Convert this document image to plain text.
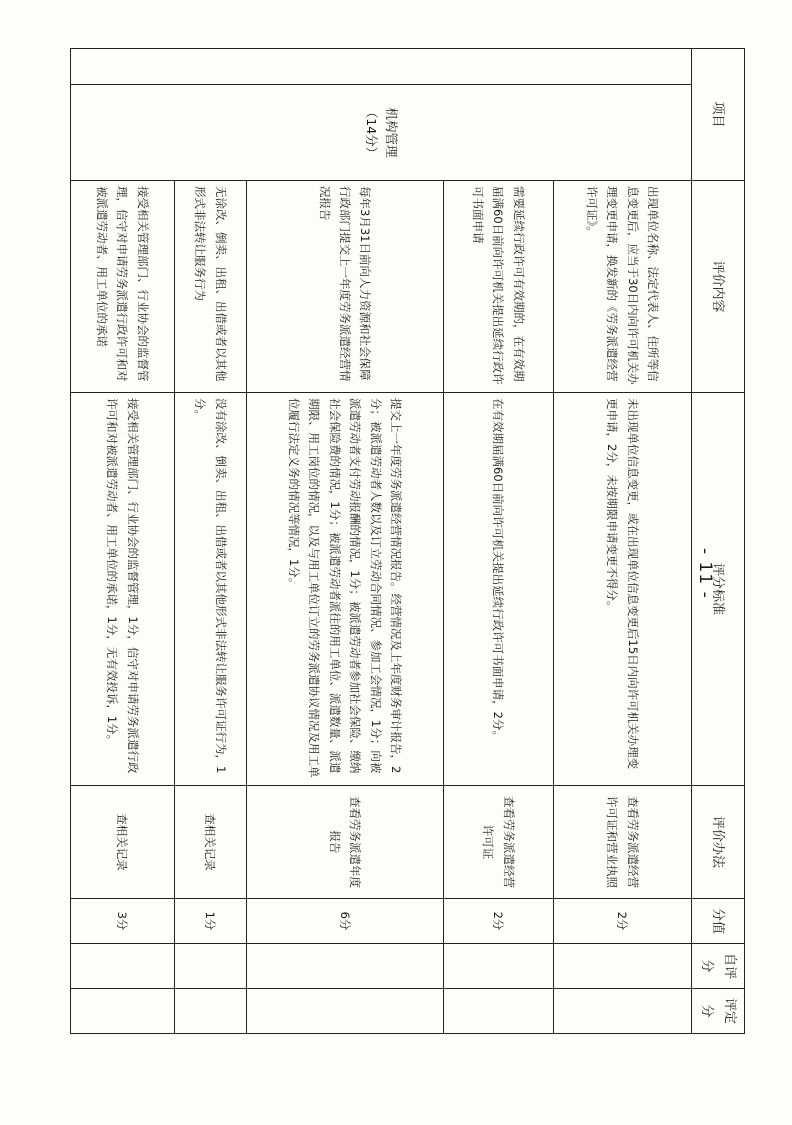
项目		评价内容	评分标准	评价办法	分值	自评分	评定分

	机构管理
（14分）	出现单位名称、法定代表人、住所等信息变更后，应当于30日内向许可机关办理变更申请，换发新的《劳务派遣经营许可证》。	未出现单位信息变更，或在出现单位信息变更后15日内向许可机关办理变更申请，2分，未按期限申请变更不得分。	查看劳务派遣经营许可证和营业执照	2分		
		需要延续行政许可有效期的，在有效期届满60日前向许可机关提出延续行政许可书面申请	在有效期届满60日前向许可机关提出延续行政许可书面申请，2分。	查看劳务派遣经营许可证	2分		
		每年3月31日前向人力资源和社会保障行政部门提交上一年度劳务派遣经营情况报告	提交上一年度劳务派遣经营情况报告。经营情况及上年度财务审计报告，2分；被派遣劳动者人数以及订立劳动合同情况、参加工会情况，1分；向被派遣劳动者支付劳动报酬的情况，1分；被派遣劳动者参加社会保险、缴纳社会保险费的情况，1分；被派遣劳动者派往的用工单位、派遣数量、派遣期限、用工岗位的情况，以及与用工单位订立的劳务派遣协议情况及用工单位履行法定义务的情况等情况，1分。	查看劳务派遣年度报告	6分		
		无涂改、倒卖、出租、出借或者以其他形式非法转让服务行为	没有涂改、倒卖、出租、出借或者以其他形式非法转让服务许可证行为，1分。	查相关记录	1分		
		接受相关管理部门、行业协会的监督管理，信守对申请劳务派遣行政许可和对被派遣劳动者、用工单位的承诺	接受相关管理部门、行业协会的监督管理，1分，信守对申请劳务派遣行政许可和对被派遣劳动者、用工单位的承诺，1分，无有效投诉，1分。	查相关记录	3分		
- 11 -
